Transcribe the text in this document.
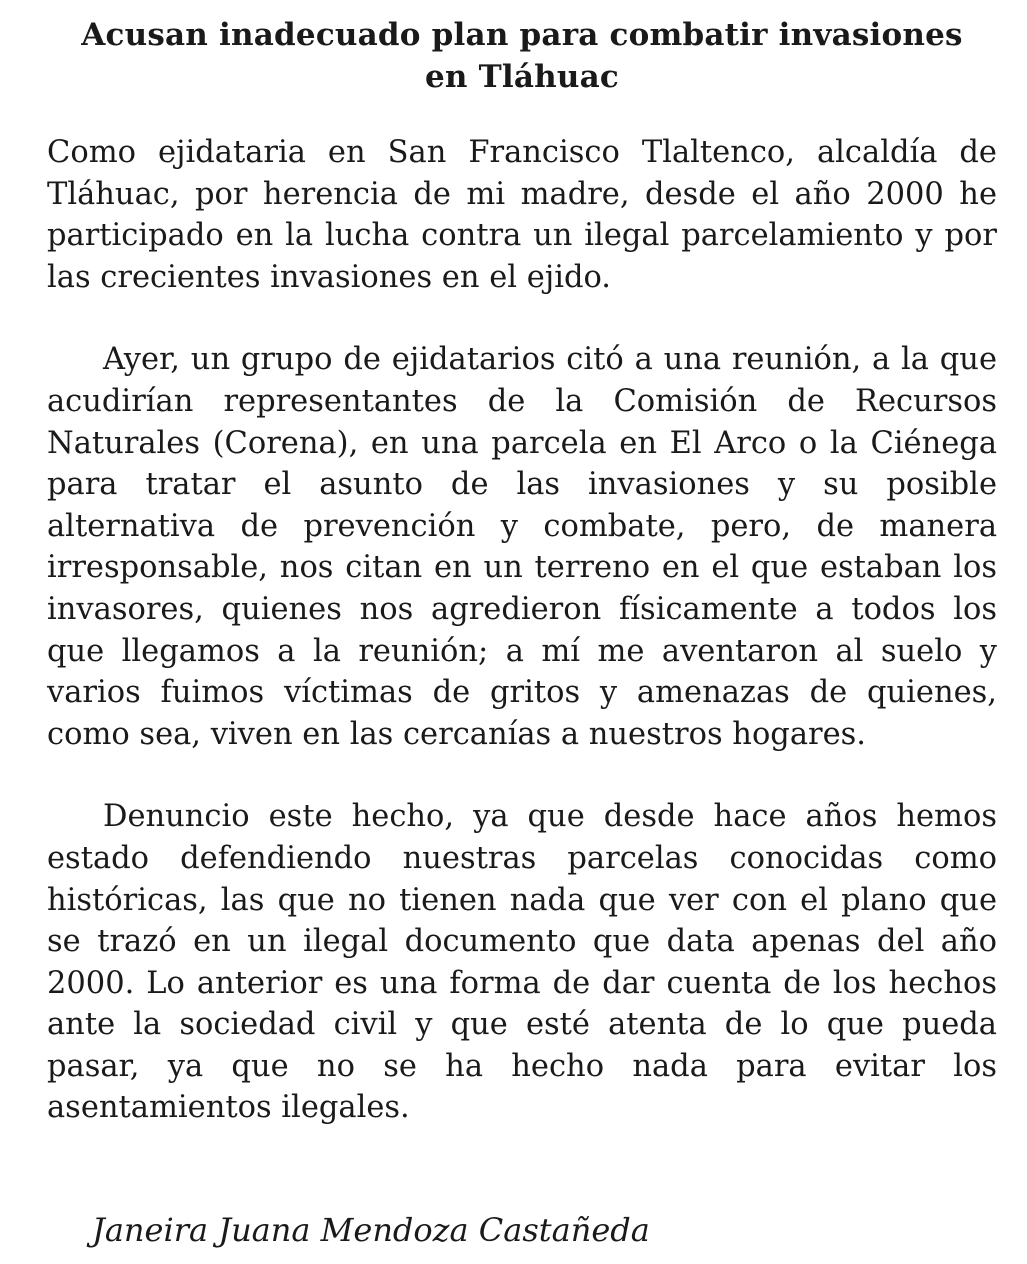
Acusan inadecuado plan para combatir invasiones
en Tláhuac

Como ejidataria en San Francisco Tlaltenco, alcaldía de Tláhuac, por herencia de mi madre, desde el año 2000 he participado en la lucha contra un ilegal parcelamiento y por las crecientes invasiones en el ejido.

Ayer, un grupo de ejidatarios citó a una reunión, a la que acudirían representantes de la Comisión de Recursos Naturales (Corena), en una parcela en El Arco o la Ciénega para tratar el asunto de las invasiones y su posible alternativa de prevención y combate, pero, de manera irresponsable, nos citan en un terreno en el que estaban los invasores, quienes nos agredieron físicamente a todos los que llegamos a la reunión; a mí me aventaron al suelo y varios fuimos víctimas de gritos y amenazas de quienes, como sea, viven en las cercanías a nuestros hogares.

Denuncio este hecho, ya que desde hace años hemos estado defendiendo nuestras parcelas conocidas como históricas, las que no tienen nada que ver con el plano que se trazó en un ilegal documento que data apenas del año 2000. Lo anterior es una forma de dar cuenta de los hechos ante la sociedad civil y que esté atenta de lo que pueda pasar, ya que no se ha hecho nada para evitar los asentamientos ilegales.

Janeira Juana Mendoza Castañeda
